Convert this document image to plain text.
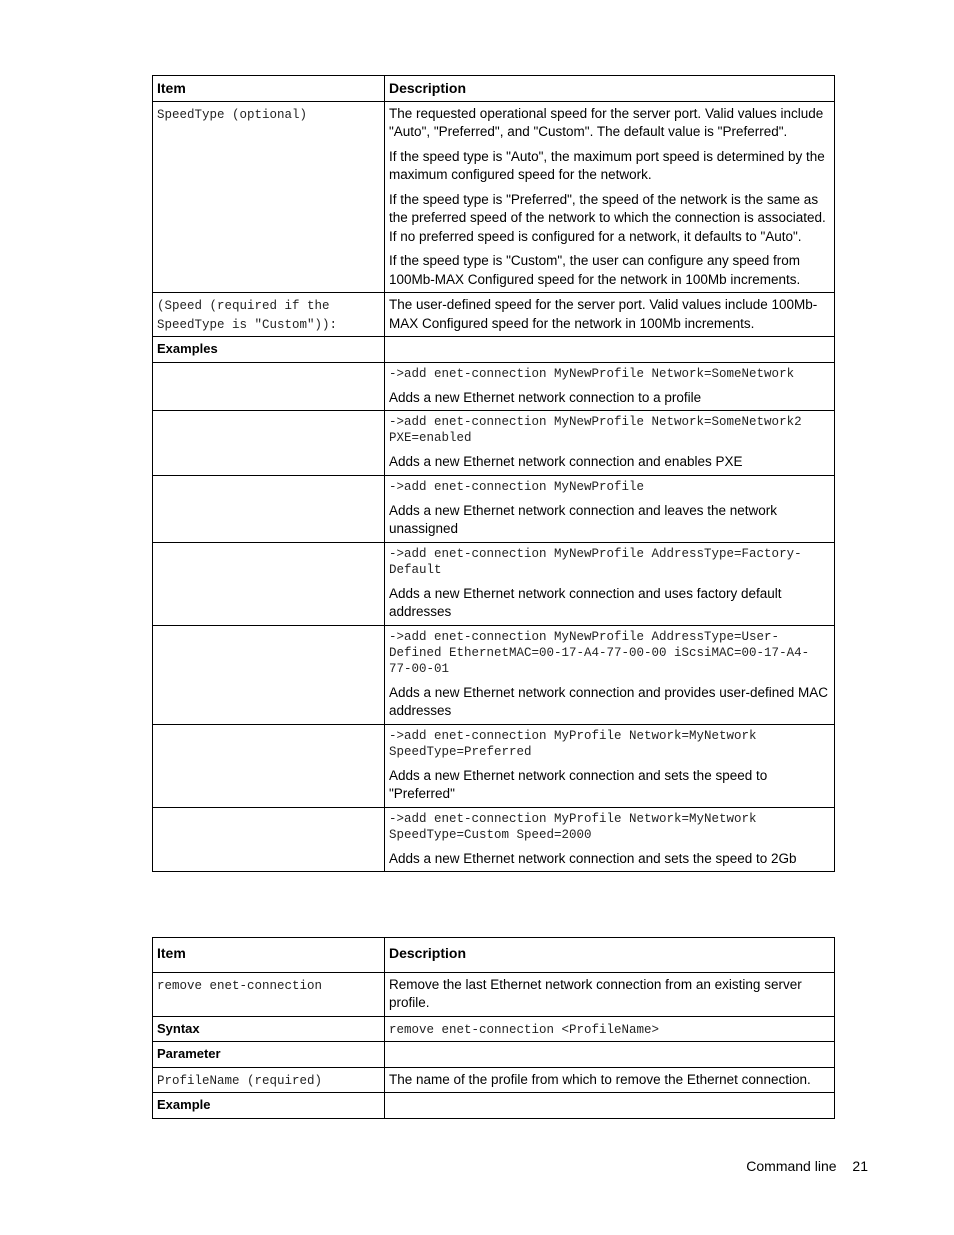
Item	Description
SpeedType (optional)	The requested operational speed for the server port. Valid values include "Auto", "Preferred", and "Custom". The default value is "Preferred".

If the speed type is "Auto", the maximum port speed is determined by the maximum configured speed for the network.

If the speed type is "Preferred", the speed of the network is the same as the preferred speed of the network to which the connection is associated. If no preferred speed is configured for a network, it defaults to "Auto".

If the speed type is "Custom", the user can configure any speed from 100Mb-MAX Configured speed for the network in 100Mb increments.

(Speed (required if the SpeedType is "Custom")):	The user-defined speed for the server port. Valid values include 100Mb-MAX Configured speed for the network in 100Mb increments.

Examples	

	->add enet-connection MyNewProfile Network=SomeNetwork
Adds a new Ethernet network connection to a profile

	->add enet-connection MyNewProfile Network=SomeNetwork2 PXE=enabled
Adds a new Ethernet network connection and enables PXE

	->add enet-connection MyNewProfile
Adds a new Ethernet network connection and leaves the network unassigned

	->add enet-connection MyNewProfile AddressType=Factory-Default
Adds a new Ethernet network connection and uses factory default addresses

	->add enet-connection MyNewProfile AddressType=User-Defined EthernetMAC=00-17-A4-77-00-00 iScsiMAC=00-17-A4-77-00-01
Adds a new Ethernet network connection and provides user-defined MAC addresses

	->add enet-connection MyProfile Network=MyNetwork SpeedType=Preferred
Adds a new Ethernet network connection and sets the speed to "Preferred"

	->add enet-connection MyProfile Network=MyNetwork SpeedType=Custom Speed=2000
Adds a new Ethernet network connection and sets the speed to 2Gb
Item	Description
remove enet-connection	Remove the last Ethernet network connection from an existing server profile.
Syntax	remove enet-connection <ProfileName>
Parameter	
ProfileName (required)	The name of the profile from which to remove the Ethernet connection.
Example	
Command line 21
